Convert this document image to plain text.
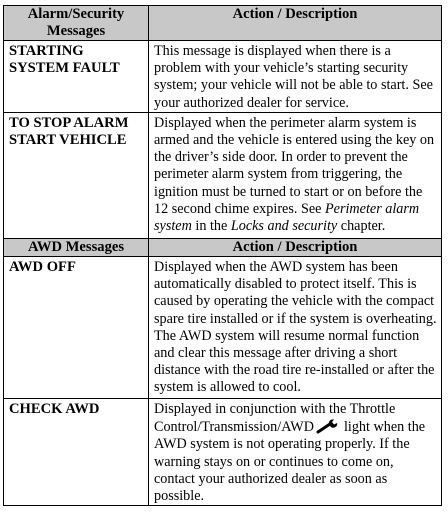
Alarm/Security Messages	Action / Description
STARTING SYSTEM FAULT	This message is displayed when there is a problem with your vehicle’s starting security system; your vehicle will not be able to start. See your authorized dealer for service.
TO STOP ALARM START VEHICLE	Displayed when the perimeter alarm system is armed and the vehicle is entered using the key on the driver’s side door. In order to prevent the perimeter alarm system from triggering, the ignition must be turned to start or on before the 12 second chime expires. See Perimeter alarm system in the Locks and security chapter.
AWD Messages	Action / Description
AWD OFF	Displayed when the AWD system has been automatically disabled to protect itself. This is caused by operating the vehicle with the compact spare tire installed or if the system is overheating. The AWD system will resume normal function and clear this message after driving a short distance with the road tire re-installed or after the system is allowed to cool.
CHECK AWD	Displayed in conjunction with the Throttle Control/Transmission/AWD light when the AWD system is not operating properly. If the warning stays on or continues to come on, contact your authorized dealer as soon as possible.
